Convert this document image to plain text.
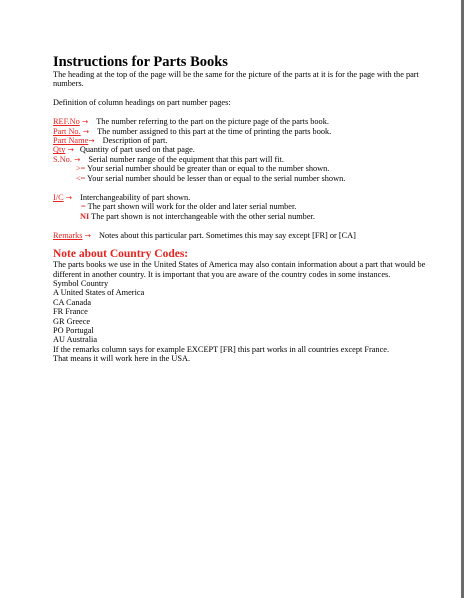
Instructions for Parts Books

The heading at the top of the page will be the same for the picture of the parts at it is for the page with the part numbers.

Definition of column headings on part number pages:

REF.No → The number referring to the part on the picture page of the parts book.
Part No. → The number assigned to this part at the time of printing the parts book.
Part Name→ Description of part.
Qty → Quantity of part used on that page.
S.No. → Serial number range of the equipment that this part will fit.
>= Your serial number should be greater than or equal to the number shown.
<= Your serial number should be lesser than or equal to the serial number shown.
I/C → Interchangeability of part shown.
= The part shown will work for the older and later serial number.
NI The part shown is not interchangeable with the other serial number.
Remarks → Notes about this particular part. Sometimes this may say except [FR] or [CA]
Note about Country Codes:

The parts books we use in the United States of America may also contain information about a part that would be

different in another country. It is important that you are aware of the country codes in some instances.

Symbol Country

A United States of America

CA Canada

FR France

GR Greece

PO Portugal

AU Australia

If the remarks column says for example EXCEPT [FR] this part works in all countries except France.

That means it will work here in the USA.
